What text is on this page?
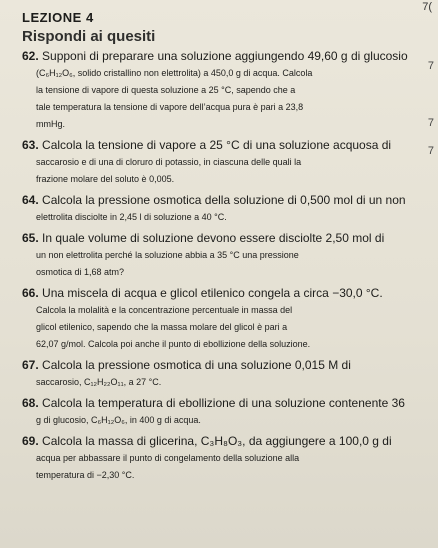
LEZIONE 4
7(
Rispondi ai quesiti
7
7
7
62. Supponi di preparare una soluzione aggiungendo 49,60 g di glucosio
(C₆H₁₂O₆, solido cristallino non elettrolita) a 450,0 g di acqua. Calcola
la tensione di vapore di questa soluzione a 25 °C, sapendo che a
tale temperatura la tensione di vapore dell’acqua pura è pari a 23,8
mmHg.
63. Calcola la tensione di vapore a 25 °C di una soluzione acquosa di
saccarosio e di una di cloruro di potassio, in ciascuna delle quali la
frazione molare del soluto è 0,005.
64. Calcola la pressione osmotica della soluzione di 0,500 mol di un non
elettrolita disciolte in 2,45 l di soluzione a 40 °C.
65. In quale volume di soluzione devono essere disciolte 2,50 mol di
un non elettrolita perché la soluzione abbia a 35 °C una pressione
osmotica di 1,68 atm?
66. Una miscela di acqua e glicol etilenico congela a circa −30,0 °C.
Calcola la molalità e la concentrazione percentuale in massa del
glicol etilenico, sapendo che la massa molare del glicol è pari a
62,07 g/mol. Calcola poi anche il punto di ebollizione della soluzione.
67. Calcola la pressione osmotica di una soluzione 0,015 M di
saccarosio, C₁₂H₂₂O₁₁, a 27 °C.
68. Calcola la temperatura di ebollizione di una soluzione contenente 36
g di glucosio, C₆H₁₂O₆, in 400 g di acqua.
69. Calcola la massa di glicerina, C₃H₈O₃, da aggiungere a 100,0 g di
acqua per abbassare il punto di congelamento della soluzione alla
temperatura di −2,30 °C.
